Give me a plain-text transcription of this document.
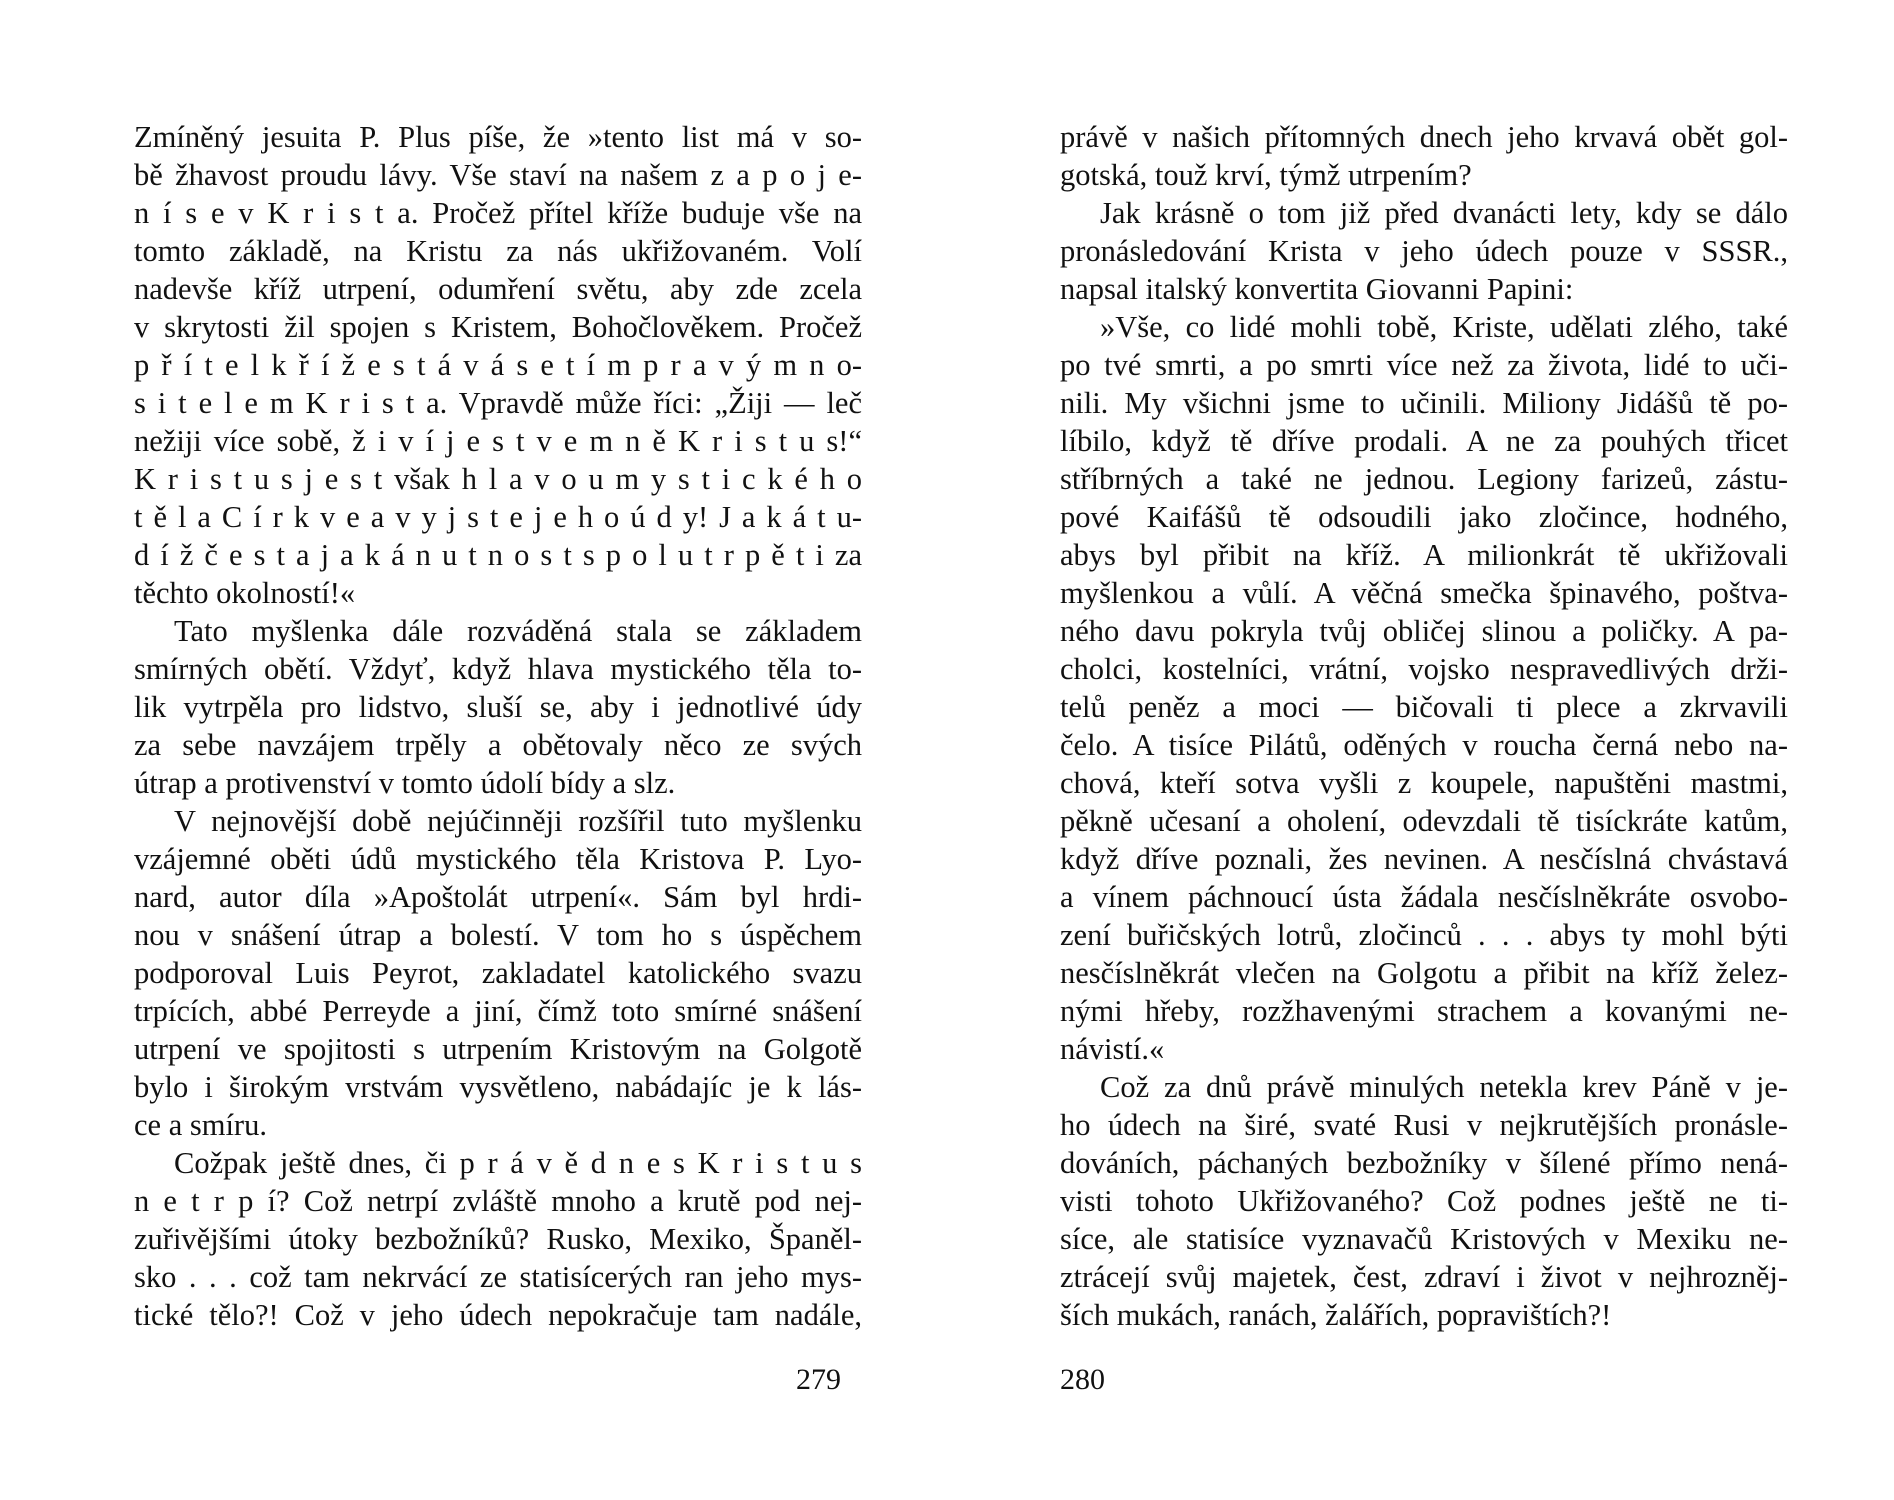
Zmíněný jesuita P. Plus píše, že »tento list má v so-
bě žhavost proudu lávy. Vše staví na našem z a p o j e-
n í s e v K r i s t a. Pročež přítel kříže buduje vše na
tomto základě, na Kristu za nás ukřižovaném. Volí
nadevše kříž utrpení, odumření světu, aby zde zcela
v skrytosti žil spojen s Kristem, Bohočlověkem. Pročež
p ř í t e l k ř í ž e s t á v á s e t í m p r a v ý m n o-
s i t e l e m K r i s t a. Vpravdě může říci: „Žiji — leč
nežiji více sobě, ž i v í j e s t v e m n ě K r i s t u s!“
K r i s t u s j e s t však h l a v o u m y s t i c k é h o
t ě l a C í r k v e a v y j s t e j e h o ú d y! J a k á t u-
d í ž č e s t a j a k á n u t n o s t s p o l u t r p ě t i za
těchto okolností!«
Tato myšlenka dále rozváděná stala se základem
smírných obětí. Vždyť, když hlava mystického těla to-
lik vytrpěla pro lidstvo, sluší se, aby i jednotlivé údy
za sebe navzájem trpěly a obětovaly něco ze svých
útrap a protivenství v tomto údolí bídy a slz.
V nejnovější době nejúčinněji rozšířil tuto myšlenku
vzájemné oběti údů mystického těla Kristova P. Lyo-
nard, autor díla »Apoštolát utrpení«. Sám byl hrdi-
nou v snášení útrap a bolestí. V tom ho s úspěchem
podporoval Luis Peyrot, zakladatel katolického svazu
trpících, abbé Perreyde a jiní, čímž toto smírné snášení
utrpení ve spojitosti s utrpením Kristovým na Golgotě
bylo i širokým vrstvám vysvětleno, nabádajíc je k lás-
ce a smíru.
Cožpak ještě dnes, či p r á v ě d n e s K r i s t u s
n e t r p í? Což netrpí zvláště mnoho a krutě pod nej-
zuřivějšími útoky bezbožníků? Rusko, Mexiko, Španěl-
sko . . . což tam nekrvácí ze statisícerých ran jeho mys-
tické tělo?! Což v jeho údech nepokračuje tam nadále,
právě v našich přítomných dnech jeho krvavá obět gol-
gotská, touž krví, týmž utrpením?
Jak krásně o tom již před dvanácti lety, kdy se dálo
pronásledování Krista v jeho údech pouze v SSSR.,
napsal italský konvertita Giovanni Papini:
»Vše, co lidé mohli tobě, Kriste, udělati zlého, také
po tvé smrti, a po smrti více než za života, lidé to uči-
nili. My všichni jsme to učinili. Miliony Jidášů tě po-
líbilo, když tě dříve prodali. A ne za pouhých třicet
stříbrných a také ne jednou. Legiony farizeů, zástu-
pové Kaifášů tě odsoudili jako zločince, hodného,
abys byl přibit na kříž. A milionkrát tě ukřižovali
myšlenkou a vůlí. A věčná smečka špinavého, poštva-
ného davu pokryla tvůj obličej slinou a poličky. A pa-
cholci, kostelníci, vrátní, vojsko nespravedlivých drži-
telů peněz a moci — bičovali ti plece a zkrvavili
čelo. A tisíce Pilátů, oděných v roucha černá nebo na-
chová, kteří sotva vyšli z koupele, napuštěni mastmi,
pěkně učesaní a oholení, odevzdali tě tisíckráte katům,
když dříve poznali, žes nevinen. A nesčíslná chvástavá
a vínem páchnoucí ústa žádala nesčíslněkráte osvobo-
zení buřičských lotrů, zločinců . . . abys ty mohl býti
nesčíslněkrát vlečen na Golgotu a přibit na kříž želez-
nými hřeby, rozžhavenými strachem a kovanými ne-
návistí.«
Což za dnů právě minulých netekla krev Páně v je-
ho údech na širé, svaté Rusi v nejkrutějších pronásle-
dováních, páchaných bezbožníky v šílené přímo nená-
visti tohoto Ukřižovaného? Což podnes ještě ne ti-
síce, ale statisíce vyznavačů Kristových v Mexiku ne-
ztrácejí svůj majetek, čest, zdraví i život v nejhrozněj-
ších mukách, ranách, žalářích, popravištích?!
279	280
